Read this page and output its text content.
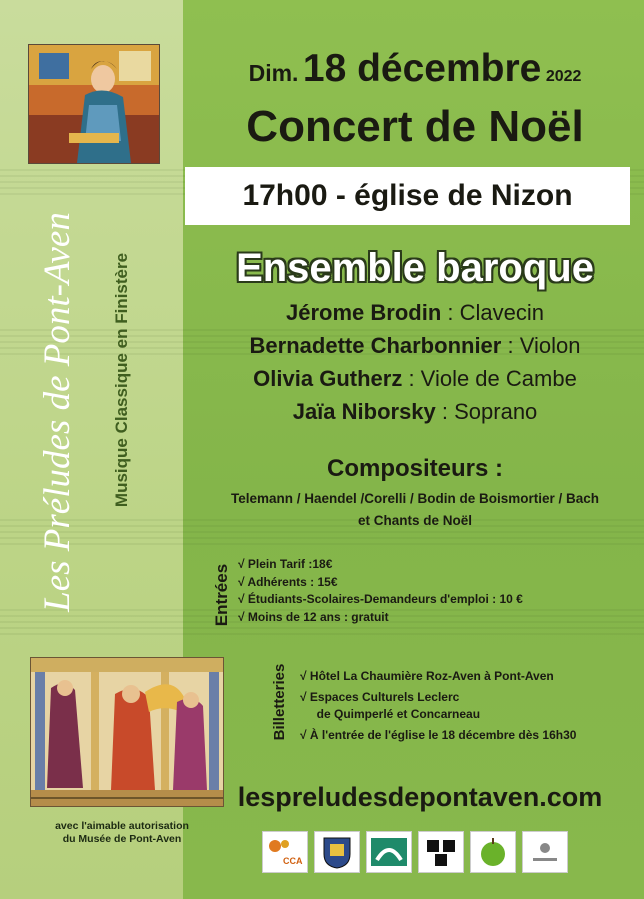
Les Préludes de Pont-Aven	Musique Classique en Finistère
avec l'aimable autorisation
du Musée de Pont-Aven
Dim. 18 décembre 2022
Concert de Noël
17h00 - église de Nizon
Ensemble baroque
Jérome Brodin : Clavecin
Bernadette Charbonnier : Violon
Olivia Gutherz : Viole de Cambe
Jaïa Niborsky : Soprano
Compositeurs :
Telemann / Haendel /Corelli / Bodin de Boismortier / Bach
et Chants de Noël
Entrées √ Plein Tarif :18€
√ Adhérents : 15€
√ Étudiants-Scolaires-Demandeurs d'emploi : 10 €
√ Moins de 12 ans : gratuit
Billetteries √ Hôtel La Chaumière Roz-Aven à Pont-Aven
√ Espaces Culturels Leclerc
de Quimperlé et Concarneau
√ À l'entrée de l'église le 18 décembre dès 16h30
lespreludesdepontaven.com
CCA
